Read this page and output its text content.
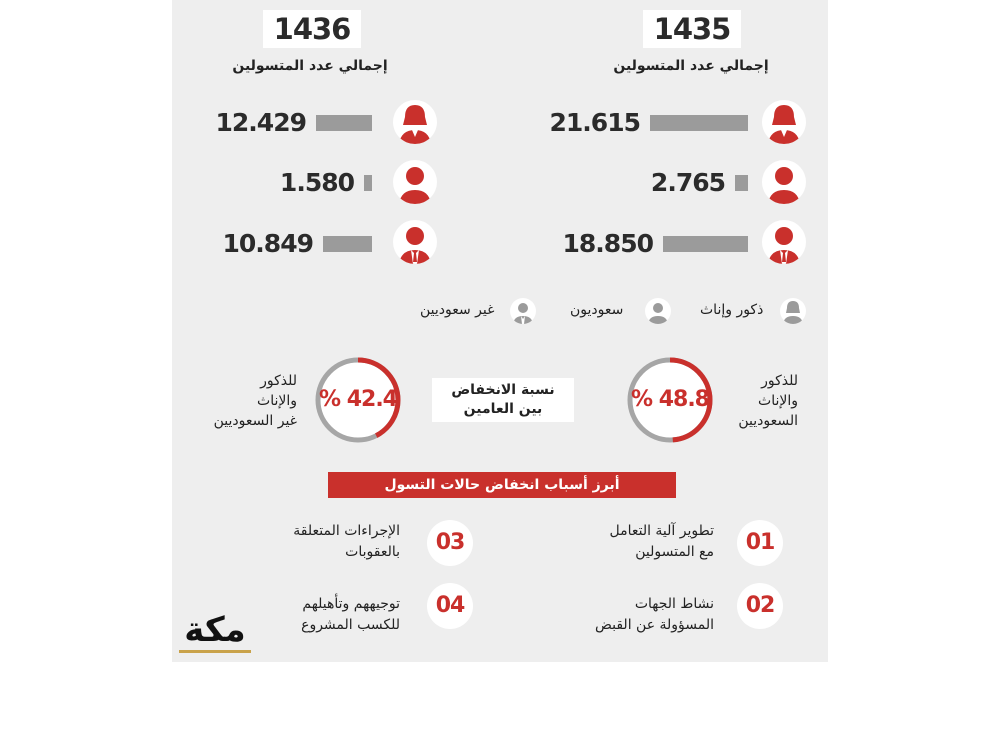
1435
إجمالي عدد المتسولين
1436
إجمالي عدد المتسولين
21.615
2.765
18.850
12.429
1.580
10.849
ذكور وإناث
سعوديون
غير سعوديين
% 48.8
للذكور
والإناث
السعوديين
% 42.4
للذكور
والإناث
غير السعوديين
نسبة الانخفاض
بين العامين
أبرز أسباب انخفاض حالات التسول
01
تطوير آلية التعامل
مع المتسولين
02
نشاط الجهات
المسؤولة عن القبض
03
الإجراءات المتعلقة
بالعقوبات
04
توجيههم وتأهيلهم
للكسب المشروع
مكة
